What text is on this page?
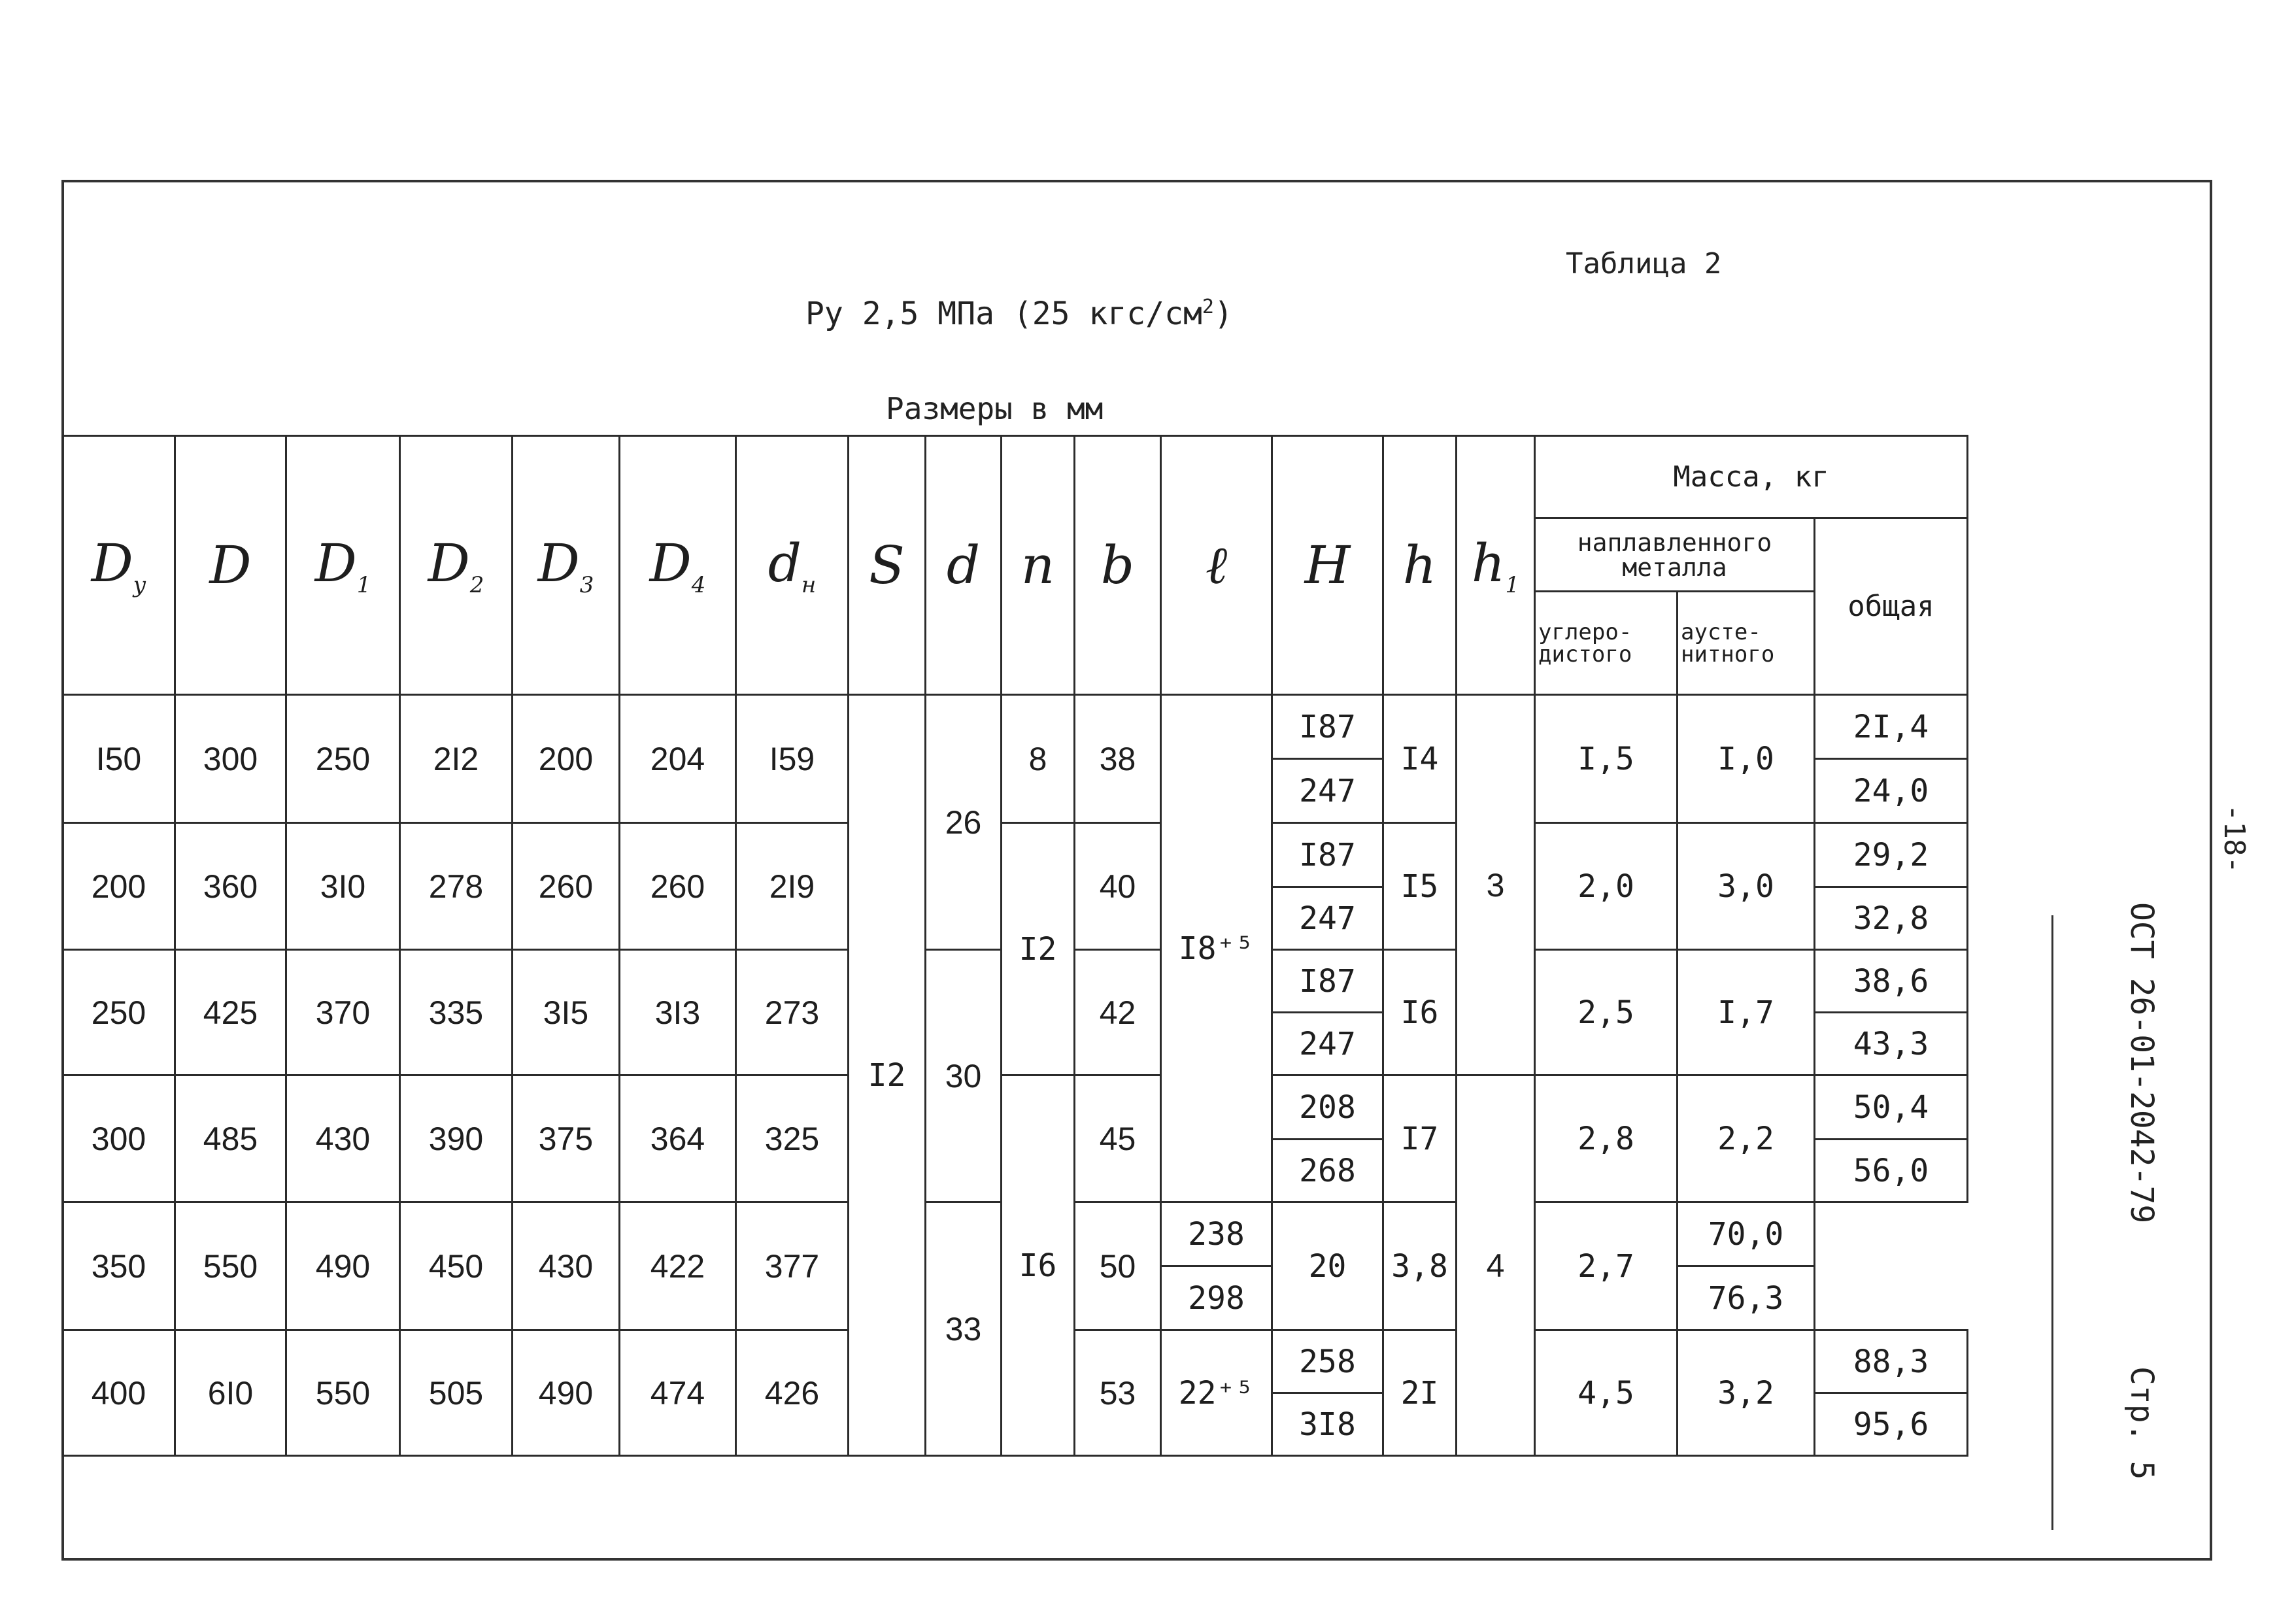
Таблица 2
Ру 2,5 МПа (25 кгс/$см^2$)
Размеры в мм
$D_у$	D	$D_1$	$D_2$	$D_3$	$D_4$	$d_н$	S	d	n	b	ℓ	H	h	$h_1$	Масса, кг		
															наплавленного металла		общая
															углеро-дистого	аусте-нитного	
I50	300	250	2I2	200	204	I59	I2	26	8	38	I8⁺⁵	I87	I4	3	I,5	I,0	2I,4
												247					24,0
200	360	3I0	278	260	260	2I9			I2	40		I87	I5		2,0	3,0	29,2
												247					32,8
250	425	370	335	3I5	3I3	273		30		42		I87	I6		2,5	I,7	38,6
												247					43,3
300	485	430	390	375	364	325			I6	45		208	I7	4	2,8	2,2	50,4
												268					56,0
350	550	490	450	430	422	377		33		50	238	20	3,8		2,7	70,0	
											298					76,3	
400	6I0	550	505	490	474	426				53	22⁺⁵	258	2I		4,5	3,2	88,3
												3I8					95,6
ОСТ 26-01-2042-79
Стр. 5
-18-
